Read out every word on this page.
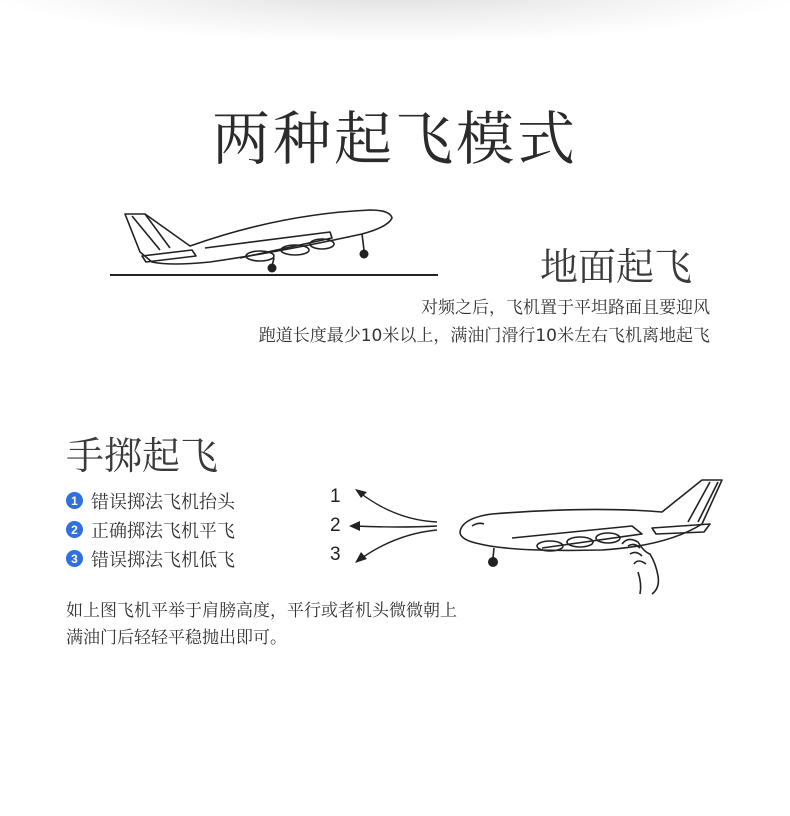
两种起飞模式
地面起飞
对频之后，飞机置于平坦路面且要迎风
跑道长度最少10米以上，满油门滑行10米左右飞机离地起飞
手掷起飞
1 错误掷法飞机抬头
2 正确掷法飞机平飞
3 错误掷法飞机低飞
1
2
3
如上图飞机平举于肩膀高度，平行或者机头微微朝上
满油门后轻轻平稳抛出即可。
